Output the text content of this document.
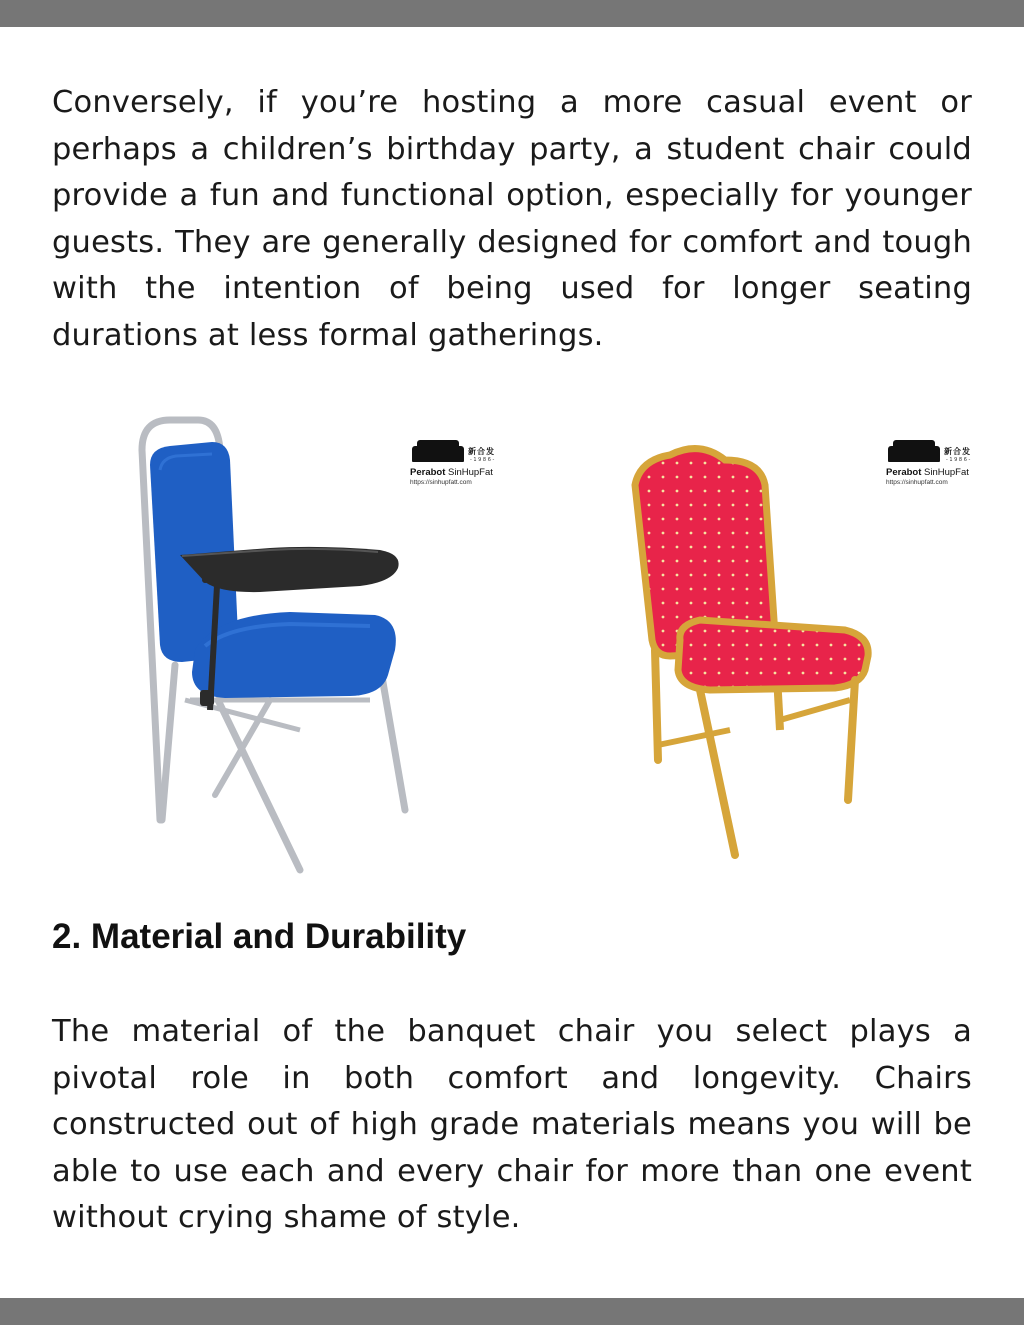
Conversely, if you’re hosting a more casual event or perhaps a children’s birthday party, a student chair could provide a fun and functional option, especially for younger guests. They are generally designed for comfort and tough with the intention of being used for longer seating durations at less formal gatherings.

新合发
- 1 9 8 6 -
Perabot SinHupFat
https://sinhupfatt.com
新合发
- 1 9 8 6 -
Perabot SinHupFat
https://sinhupfatt.com
2. Material and Durability

The material of the banquet chair you select plays a pivotal role in both comfort and longevity. Chairs constructed out of high grade materials means you will be able to use each and every chair for more than one event without crying shame of style.
